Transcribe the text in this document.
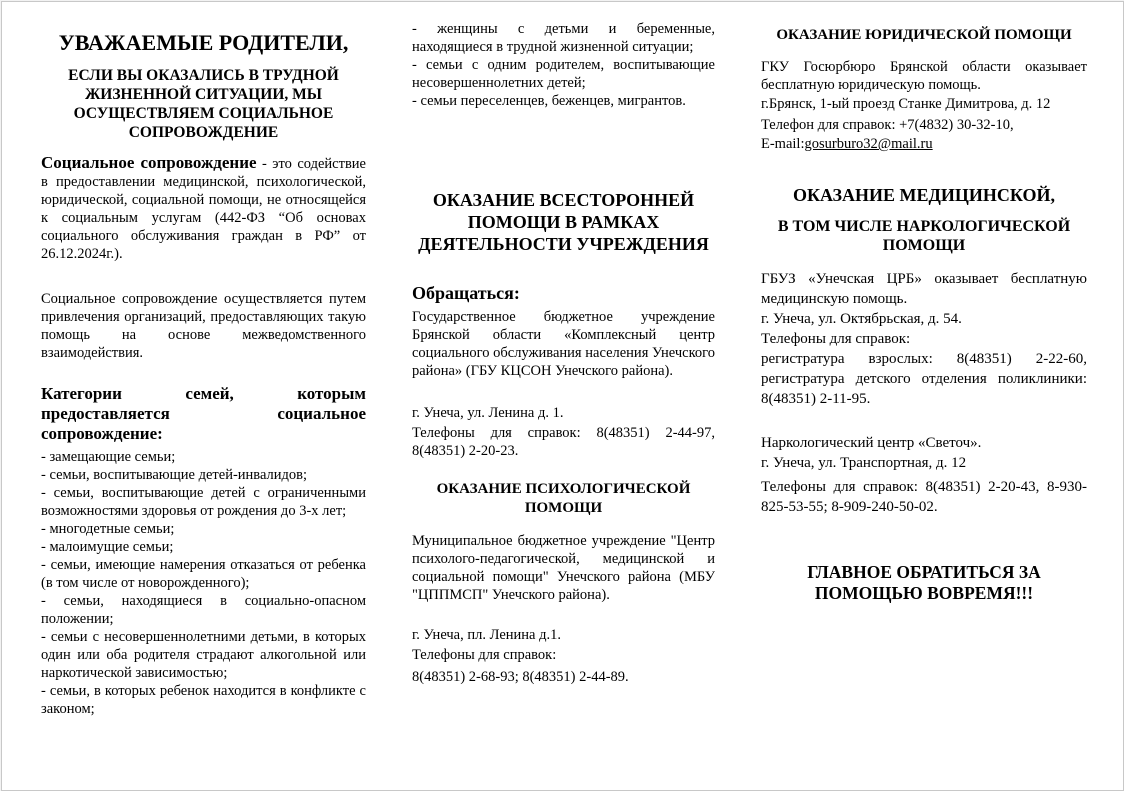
УВАЖАЕМЫЕ РОДИТЕЛИ,
ЕСЛИ ВЫ ОКАЗАЛИСЬ В ТРУДНОЙ
ЖИЗНЕННОЙ СИТУАЦИИ, МЫ
ОСУЩЕСТВЛЯЕМ СОЦИАЛЬНОЕ
СОПРОВОЖДЕНИЕ

Социальное сопровождение - это содействие в предоставлении медицинской, психологической, юридической, социальной помощи, не относящейся к социальным услугам (442-ФЗ “Об основах социального обслуживания граждан в РФ” от 26.12.2024г.).

Социальное сопровождение осуществляется путем привлечения организаций, предоставляющих такую помощь на основе межведомственного взаимодействия.

Категории семей, которым предоставляется социальное сопровождение:

- замещающие семьи;
- семьи, воспитывающие детей-инвалидов;
- семьи, воспитывающие детей с ограниченными возможностями здоровья от рождения до 3-х лет;
- многодетные семьи;
- малоимущие семьи;
- семьи, имеющие намерения отказаться от ребенка (в том числе от новорожденного);
- семьи, находящиеся в социально-опасном положении;
- семьи с несовершеннолетними детьми, в которых один или оба родителя страдают алкогольной или наркотической зависимостью;
- семьи, в которых ребенок находится в конфликте с законом;
- женщины с детьми и беременные, находящиеся в трудной жизненной ситуации;
- семьи с одним родителем, воспитывающие несовершеннолетних детей;
- семьи переселенцев, беженцев, мигрантов.
ОКАЗАНИЕ ВСЕСТОРОННЕЙ ПОМОЩИ В РАМКАХ ДЕЯТЕЛЬНОСТИ УЧРЕЖДЕНИЯ

Обращаться:

Государственное бюджетное учреждение Брянской области «Комплексный центр социального обслуживания населения Унечского района» (ГБУ КЦСОН Унечского района).

г. Унеча, ул. Ленина д. 1.

Телефоны для справок: 8(48351) 2-44-97, 8(48351) 2-20-23.

ОКАЗАНИЕ ПСИХОЛОГИЧЕСКОЙ ПОМОЩИ

Муниципальное бюджетное учреждение "Центр психолого-педагогической, медицинской и социальной помощи" Унечского района (МБУ "ЦППМСП" Унечского района).

г. Унеча, пл. Ленина д.1.

Телефоны для справок:

8(48351) 2-68-93; 8(48351) 2-44-89.

ОКАЗАНИЕ ЮРИДИЧЕСКОЙ ПОМОЩИ

ГКУ Госюрбюро Брянской области оказывает бесплатную юридическую помощь.

г.Брянск, 1-ый проезд Станке Димитрова, д. 12

Телефон для справок: +7(4832) 30-32-10,

E-mail:gosurburo32@mail.ru

ОКАЗАНИЕ МЕДИЦИНСКОЙ,
В ТОМ ЧИСЛЕ НАРКОЛОГИЧЕСКОЙ ПОМОЩИ

ГБУЗ «Унечская ЦРБ» оказывает бесплатную медицинскую помощь.

г. Унеча, ул. Октябрьская, д. 54.

Телефоны для справок:

регистратура взрослых: 8(48351) 2-22-60, регистратура детского отделения поликлиники: 8(48351) 2-11-95.

Наркологический центр «Светоч».

г. Унеча, ул. Транспортная, д. 12

Телефоны для справок: 8(48351) 2-20-43, 8-930-825-53-55; 8-909-240-50-02.

ГЛАВНОЕ ОБРАТИТЬСЯ ЗА ПОМОЩЬЮ ВОВРЕМЯ!!!
